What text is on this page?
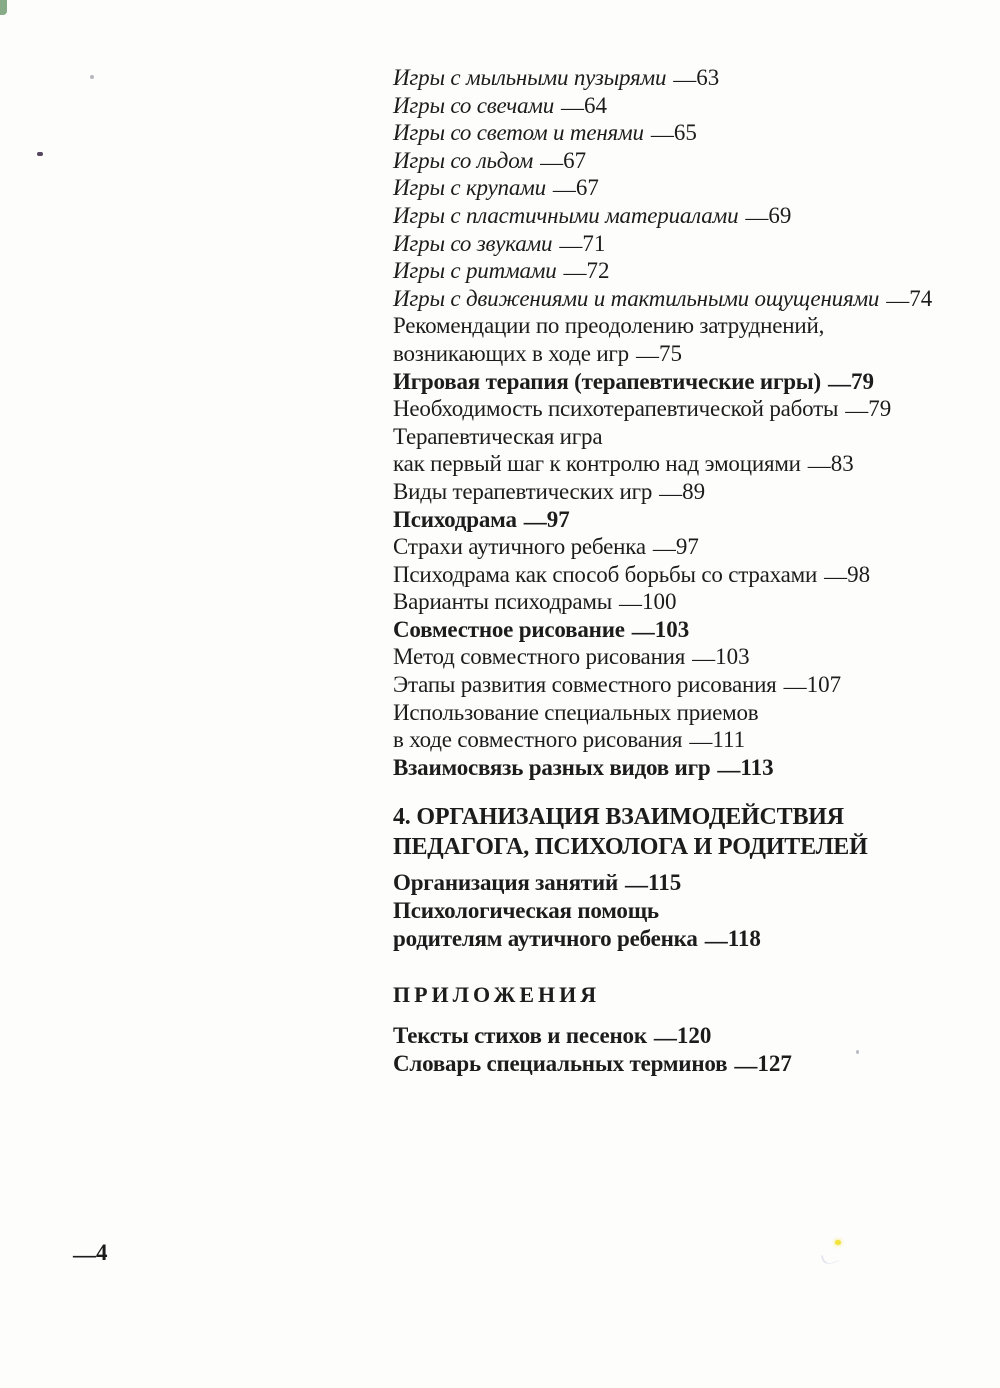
Игры с мыльными пузырями —63
Игры со свечами —64
Игры со светом и тенями —65
Игры со льдом —67
Игры с крупами —67
Игры с пластичными материалами —69
Игры со звуками —71
Игры с ритмами —72
Игры с движениями и тактильными ощущениями —74
Рекомендации по преодолению затруднений,
возникающих в ходе игр —75
Игровая терапия (терапевтические игры) —79
Необходимость психотерапевтической работы —79
Терапевтическая игра
как первый шаг к контролю над эмоциями —83
Виды терапевтических игр —89
Психодрама —97
Страхи аутичного ребенка —97
Психодрама как способ борьбы со страхами —98
Варианты психодрамы —100
Совместное рисование —103
Метод совместного рисования —103
Этапы развития совместного рисования —107
Использование специальных приемов
в ходе совместного рисования —111
Взаимосвязь разных видов игр —113
4. ОРГАНИЗАЦИЯ ВЗАИМОДЕЙСТВИЯ
ПЕДАГОГА, ПСИХОЛОГА И РОДИТЕЛЕЙ
Организация занятий —115
Психологическая помощь
родителям аутичного ребенка —118
ПРИЛОЖЕНИЯ
Тексты стихов и песенок —120
Словарь специальных терминов —127
—4
